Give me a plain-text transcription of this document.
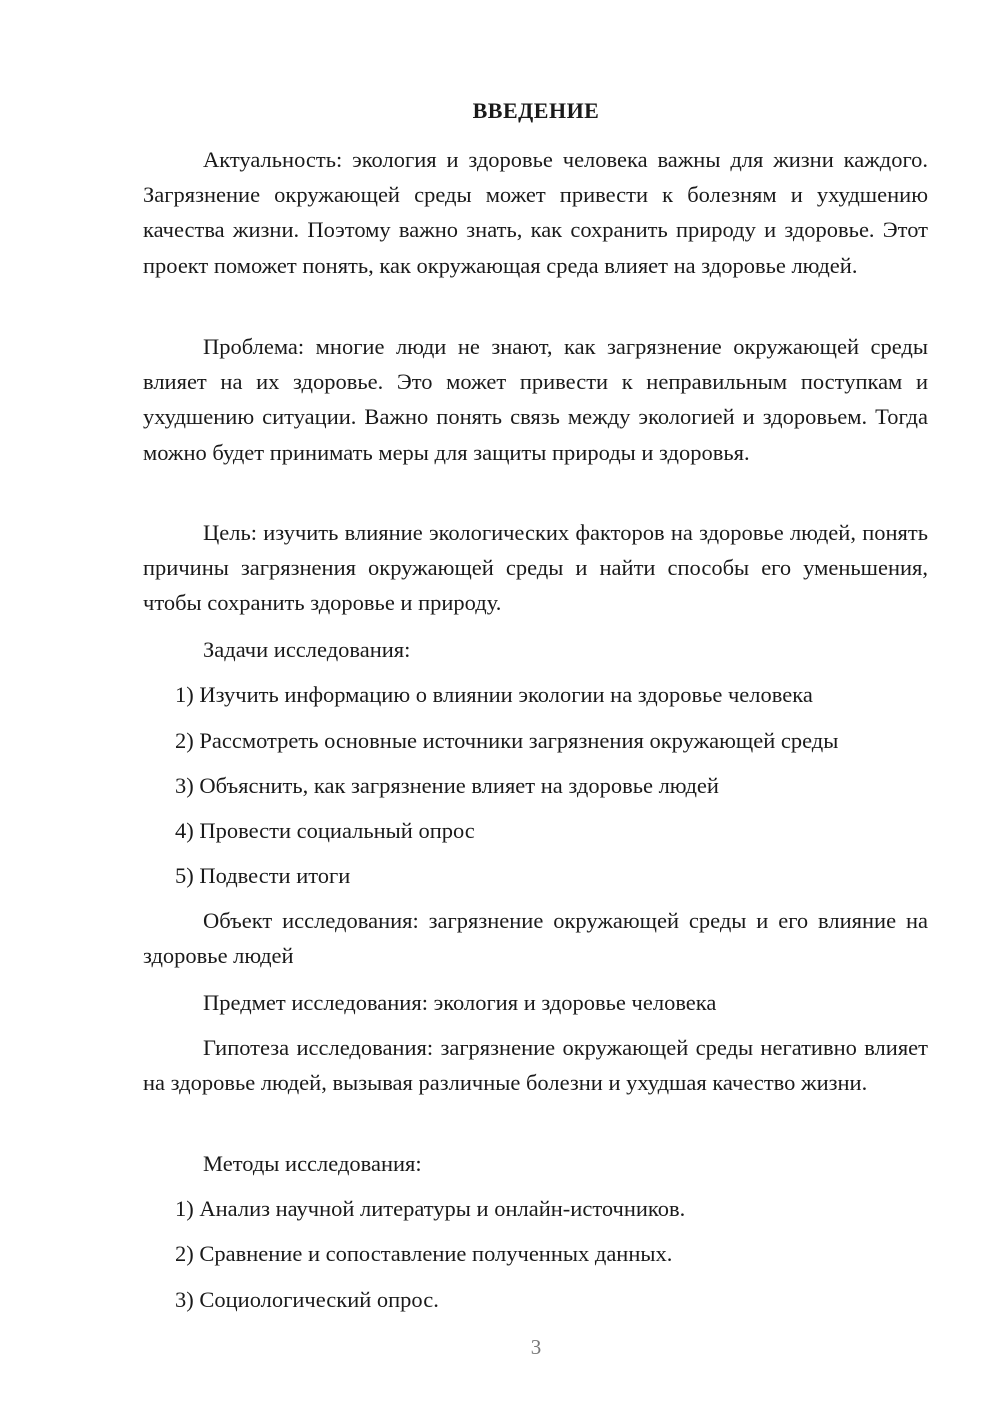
ВВЕДЕНИЕ

Актуальность: экология и здоровье человека важны для жизни каждого. Загрязнение окружающей среды может привести к болезням и ухудшению качества жизни. Поэтому важно знать, как сохранить природу и здоровье. Этот проект поможет понять, как окружающая среда влияет на здоровье людей.

Проблема: многие люди не знают, как загрязнение окружающей среды влияет на их здоровье. Это может привести к неправильным поступкам и ухудшению ситуации. Важно понять связь между экологией и здоровьем. Тогда можно будет принимать меры для защиты природы и здоровья.

Цель: изучить влияние экологических факторов на здоровье людей, понять причины загрязнения окружающей среды и найти способы его уменьшения, чтобы сохранить здоровье и природу.

Задачи исследования:

1) Изучить информацию о влиянии экологии на здоровье человека

2) Рассмотреть основные источники загрязнения окружающей среды

3) Объяснить, как загрязнение влияет на здоровье людей

4) Провести социальный опрос

5) Подвести итоги

Объект исследования: загрязнение окружающей среды и его влияние на здоровье людей

Предмет исследования: экология и здоровье человека

Гипотеза исследования: загрязнение окружающей среды негативно влияет на здоровье людей, вызывая различные болезни и ухудшая качество жизни.

Методы исследования:

1) Анализ научной литературы и онлайн-источников.

2) Сравнение и сопоставление полученных данных.

3) Социологический опрос.

3
